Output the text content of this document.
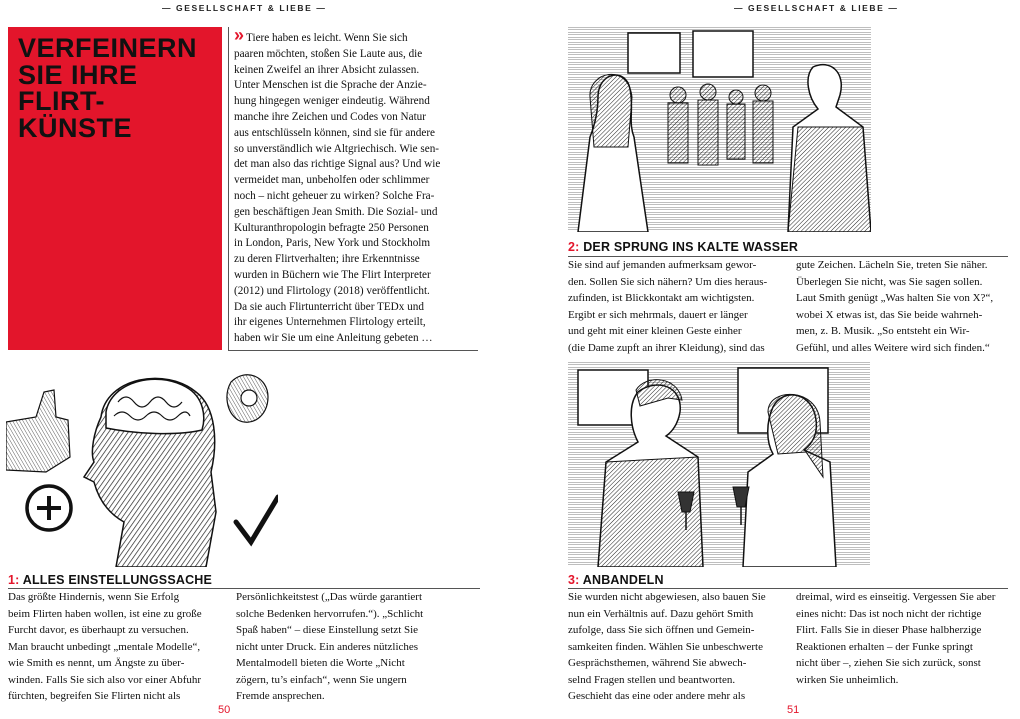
— GESELLSCHAFT & LIEBE —
VERFEINERN
SIE IHRE
FLIRT-
KÜNSTE
» Tiere haben es leicht. Wenn Sie sich
paaren möchten, stoßen Sie Laute aus, die
keinen Zweifel an ihrer Absicht zulassen.
Unter Menschen ist die Sprache der Anzie-
hung hingegen weniger eindeutig. Während
manche ihre Zeichen und Codes von Natur
aus entschlüsseln können, sind sie für andere
so unverständlich wie Altgriechisch. Wie sen-
det man also das richtige Signal aus? Und wie
vermeidet man, unbeholfen oder schlimmer
noch – nicht geheuer zu wirken? Solche Fra-
gen beschäftigen Jean Smith. Die Sozial- und
Kulturanthropologin befragte 250 Personen
in London, Paris, New York und Stockholm
zu deren Flirtverhalten; ihre Erkenntnisse
wurden in Büchern wie The Flirt Interpreter
(2012) und Flirtology (2018) veröffentlicht.
Da sie auch Flirtunterricht über TEDx und
ihr eigenes Unternehmen Flirtology erteilt,
haben wir Sie um eine Anleitung gebeten …
1: ALLES EINSTELLUNGSSACHE
Das größte Hindernis, wenn Sie Erfolg
beim Flirten haben wollen, ist eine zu große
Furcht davor, es überhaupt zu versuchen.
Man braucht unbedingt „mentale Modelle“,
wie Smith es nennt, um Ängste zu über-
winden. Falls Sie sich also vor einer Abfuhr
fürchten, begreifen Sie Flirten nicht als
Persönlichkeitstest („Das würde garantiert
solche Bedenken hervorrufen.“). „Schlicht
Spaß haben“ – diese Einstellung setzt Sie
nicht unter Druck. Ein anderes nützliches
Mentalmodell bieten die Worte „Nicht
zögern, tu’s einfach“, wenn Sie ungern
Fremde ansprechen.
50
— GESELLSCHAFT & LIEBE —
2: DER SPRUNG INS KALTE WASSER
Sie sind auf jemanden aufmerksam gewor-
den. Sollen Sie sich nähern? Um dies heraus-
zufinden, ist Blickkontakt am wichtigsten.
Ergibt er sich mehrmals, dauert er länger
und geht mit einer kleinen Geste einher
(die Dame zupft an ihrer Kleidung), sind das
gute Zeichen. Lächeln Sie, treten Sie näher.
Überlegen Sie nicht, was Sie sagen sollen.
Laut Smith genügt „Was halten Sie von X?“,
wobei X etwas ist, das Sie beide wahrneh-
men, z. B. Musik. „So entsteht ein Wir-
Gefühl, und alles Weitere wird sich finden.“
3: ANBANDELN
Sie wurden nicht abgewiesen, also bauen Sie
nun ein Verhältnis auf. Dazu gehört Smith
zufolge, dass Sie sich öffnen und Gemein-
samkeiten finden. Wählen Sie unbeschwerte
Gesprächsthemen, während Sie abwech-
selnd Fragen stellen und beantworten.
Geschieht das eine oder andere mehr als
dreimal, wird es einseitig. Vergessen Sie aber
eines nicht: Das ist noch nicht der richtige
Flirt. Falls Sie in dieser Phase halbherzige
Reaktionen erhalten – der Funke springt
nicht über –, ziehen Sie sich zurück, sonst
wirken Sie unheimlich.
51
